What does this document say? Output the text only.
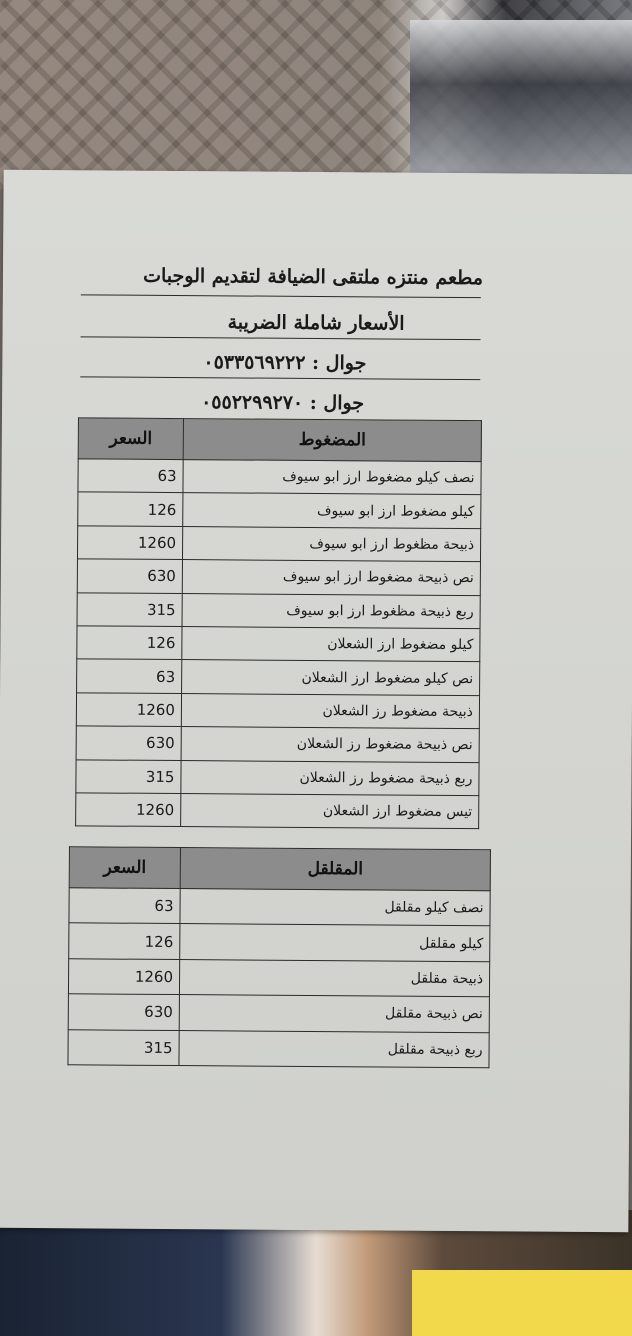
مطعم منتزه ملتقى الضيافة لتقديم الوجبات
الأسعار شاملة الضريبة
جوال : ٠٥٣٣٥٦٩٢٢٢
جوال : ٠٥٥٢٢٩٩٢٧٠
المضغوط	السعر
نصف كيلو مضغوط ارز ابو سيوف	63
كيلو مضغوط ارز ابو سيوف	126
ذبيحة مظغوط ارز ابو سيوف	1260
نص ذبيحة مضغوط ارز ابو سيوف	630
ربع ذبيحة مظغوط ارز ابو سيوف	315
كيلو مضغوط ارز الشعلان	126
نص كيلو مضغوط ارز الشعلان	63
ذبيحة مضغوط رز الشعلان	1260
نص ذبيحة مضغوط رز الشعلان	630
ربع ذبيحة مضغوط رز الشعلان	315
تيس مضغوط ارز الشعلان	1260
المقلقل	السعر
نصف كيلو مقلقل	63
كيلو مقلقل	126
ذبيحة مقلقل	1260
نص ذبيحة مقلقل	630
ربع ذبيحة مقلقل	315
